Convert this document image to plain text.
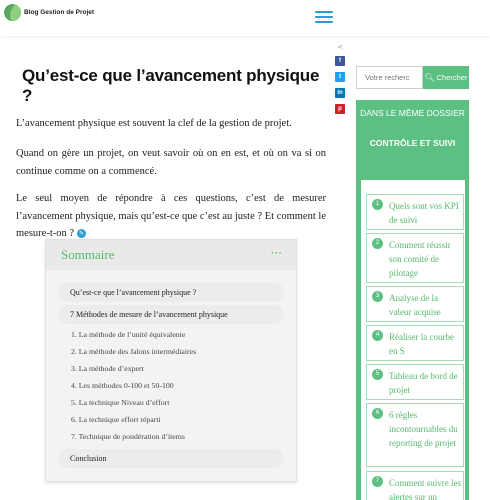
Blog Gestion de Projet
<
f
t
in
p
Qu’est-ce que l’avancement physique ?

L’avancement physique est souvent la clef de la gestion de projet.

Quand on gère un projet, on veut savoir où on en est, et où on va si on continue comme on a commencé.

Le seul moyen de répondre à ces questions, c’est de mesurer l’avancement physique, mais qu’est-ce que c’est au juste ? Et comment le mesure-t-on ? ✎

Sommaire	···
Qu’est-ce que l’avancement physique ?
7 Méthodes de mesure de l’avancement physique
1. La méthode de l’unité équivalente
2. La méthode des Jalons intermédiaires
3. La méthode d’expert
4. Les méthodes 0-100 et 50-100
5. La technique Niveau d’effort
6. La technique effort réparti
7. Technique de pondération d’items
Conclusion
Votre recherc
🔍︎ Chercher
DANS LE MÊME DOSSIER
CONTRÔLE ET SUIVI
1	Quels sont vos KPI de suivi
2	Comment réussir son comité de pilotage
3	Analyse de la valeur acquise
4	Réaliser la courbe en S
5	Tableau de bord de projet
6	6 règles incontournables du reporting de projet
7	Comment suivre les alertes sur un
